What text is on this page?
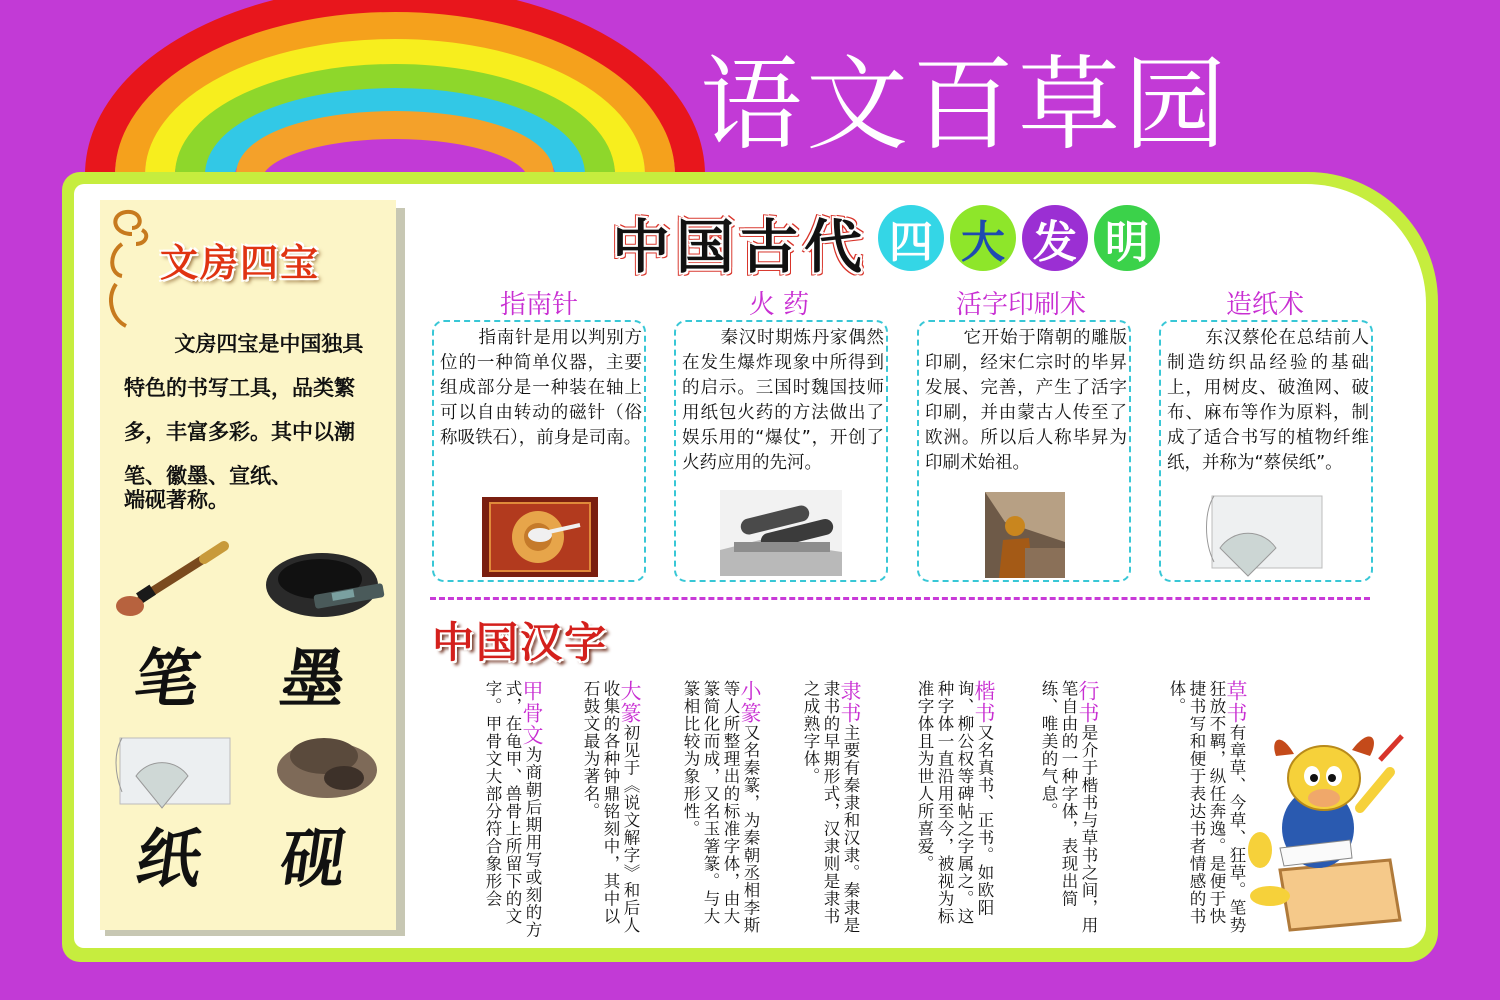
语文百草园
文房四宝
文房四宝是中国独具特色的书写工具，品类繁多，丰富多彩。其中以潮笔、徽墨、宣纸、
端砚著称。
笔 墨
纸 砚
中国古代 四 大 发 明
指南针
指南针是用以判别方位的一种简单仪器，主要组成部分是一种装在轴上可以自由转动的磁针（俗称吸铁石），前身是司南。
火 药
秦汉时期炼丹家偶然在发生爆炸现象中所得到的启示。三国时魏国技师用纸包火药的方法做出了娱乐用的“爆仗”，开创了火药应用的先河。
活字印刷术
它开始于隋朝的雕版印刷，经宋仁宗时的毕昇发展、完善，产生了活字印刷，并由蒙古人传至了欧洲。所以后人称毕昇为印刷术始祖。
造纸术
东汉蔡伦在总结前人制造纺织品经验的基础上，用树皮、破渔网、破布、麻布等作为原料，制成了适合书写的植物纤维纸，并称为“蔡侯纸”。
中国汉字
草书有章草、今草、狂草。笔势狂放不羁，纵任奔逸。是便于快捷书写和便于表达书者情感的书体。
行书是介于楷书与草书之间，用笔自由的一种字体，表现出简练、唯美的气息。
楷书又名真书、正书。如欧阳询、柳公权等碑帖之字属之。这种字体一直沿用至今，被视为标准字体且为世人所喜爱。
隶书主要有秦隶和汉隶。秦隶是隶书的早期形式，汉隶则是隶书之成熟字体。
小篆又名秦篆，为秦朝丞相李斯等人所整理出的标准字体，由大篆简化而成，又名玉箸篆。与大篆相比较为象形性。
大篆初见于《说文解字》和后人收集的各种钟鼎铭刻中，其中以石鼓文最为著名。
甲骨文为商朝后期用写或刻的方式，在龟甲、兽骨上所留下的文字。甲骨文大部分符合象形会
